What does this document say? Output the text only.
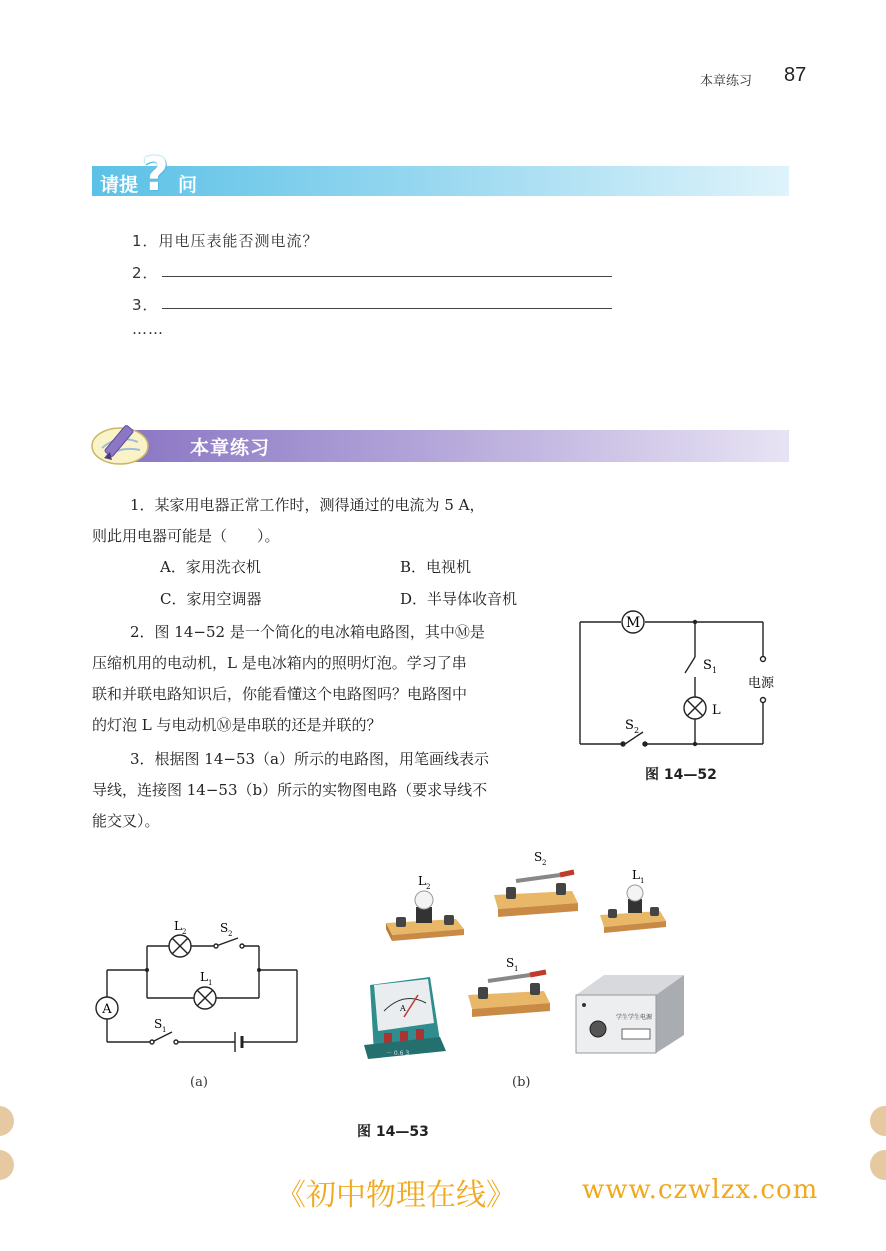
本章练习 87
请提 ? 问
1．用电压表能否测电流？
2．
3．
……
本章练习
1．某家用电器正常工作时，测得通过的电流为 5 A，
则此用电器可能是（　　）。
A．家用洗衣机	B．电视机
C．家用空调器	D．半导体收音机
2．图 14−52 是一个简化的电冰箱电路图，其中Ⓜ是
压缩机用的电动机，L 是电冰箱内的照明灯泡。学习了串
联和并联电路知识后，你能看懂这个电路图吗？电路图中
的灯泡 L 与电动机Ⓜ是串联的还是并联的？
3．根据图 14−53（a）所示的电路图，用笔画线表示
导线，连接图 14−53（b）所示的实物图电路（要求导线不
能交叉）。
M
S 1
L
S 2
电源
图 14—52
A
L 2	S 2
L 1
S 1
(a)
L 2
S 2
L 1
A
－ 0.6 3
S 1
学生学生电源
(b)
图 14—53
《初中物理在线》	www.czwlzx.com
